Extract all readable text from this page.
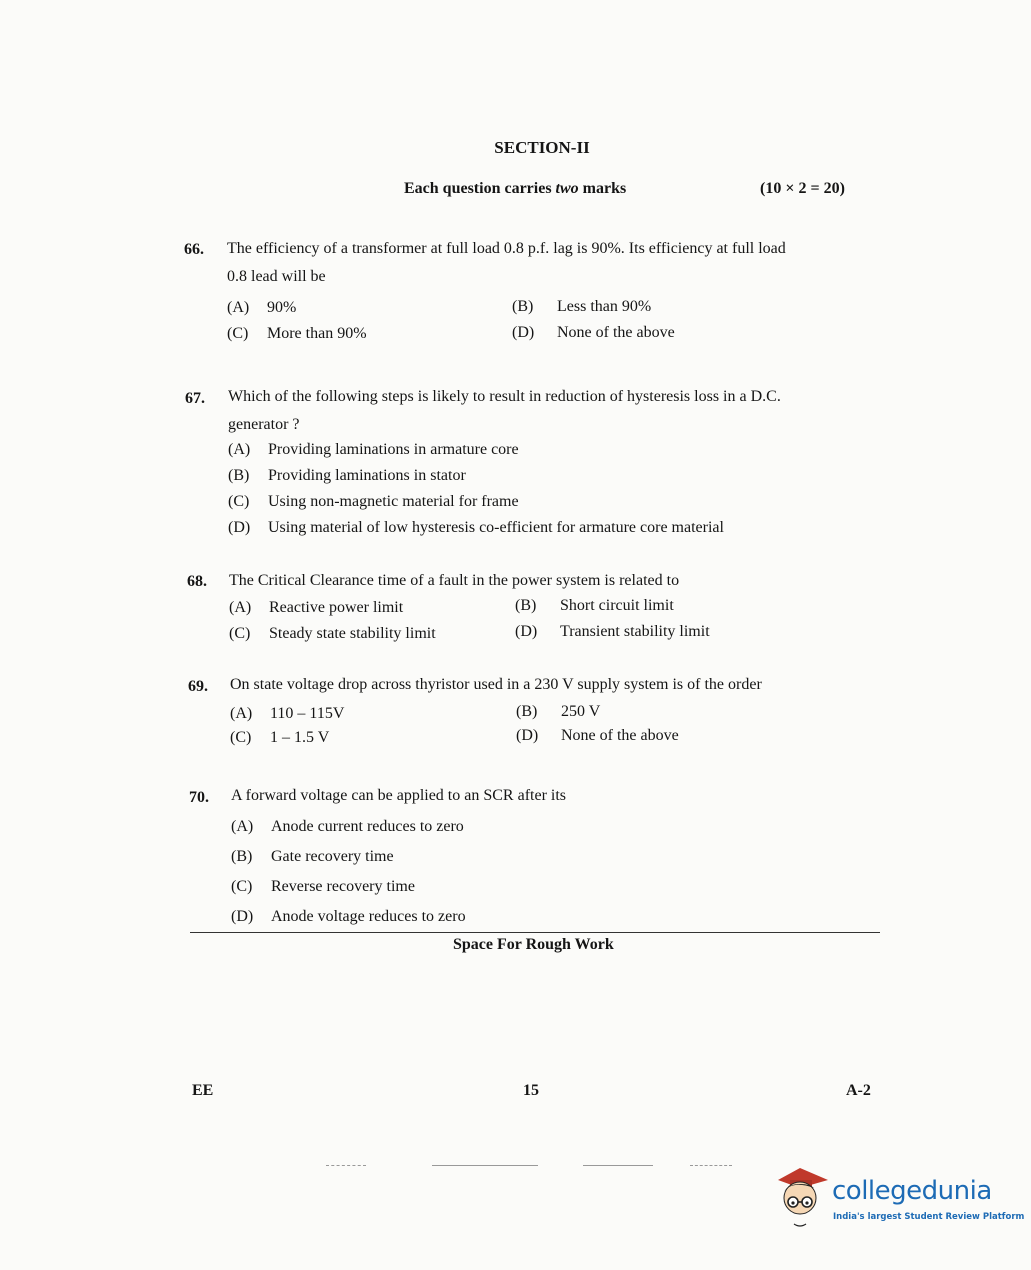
SECTION-II
Each question carries two marks	(10 × 2 = 20)
66. The efficiency of a transformer at full load 0.8 p.f. lag is 90%. Its efficiency at full load
0.8 lead will be
(A) 90%	(B) Less than 90%
(C) More than 90%	(D) None of the above
67. Which of the following steps is likely to result in reduction of hysteresis loss in a D.C.
generator ?
(A) Providing laminations in armature core
(B) Providing laminations in stator
(C) Using non-magnetic material for frame
(D) Using material of low hysteresis co-efficient for armature core material
68. The Critical Clearance time of a fault in the power system is related to
(A) Reactive power limit	(B) Short circuit limit
(C) Steady state stability limit	(D) Transient stability limit
69. On state voltage drop across thyristor used in a 230 V supply system is of the order
(A) 110 – 115V	(B) 250 V
(C) 1 – 1.5 V	(D) None of the above
70. A forward voltage can be applied to an SCR after its
(A) Anode current reduces to zero
(B) Gate recovery time
(C) Reverse recovery time
(D) Anode voltage reduces to zero
Space For Rough Work
EE	15	A-2
collegedunia
India's largest Student Review Platform
